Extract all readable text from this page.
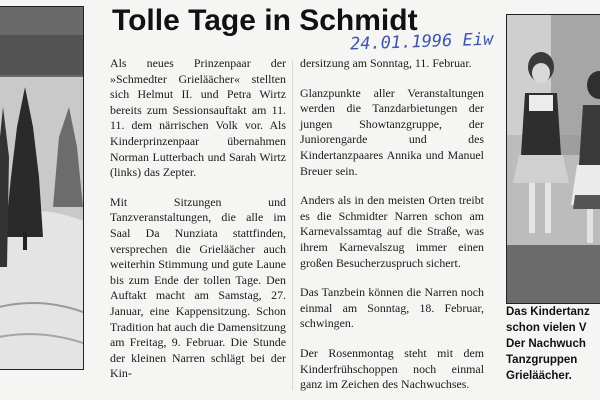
Tolle Tage in Schmidt
24.01.1996 Eiw

Als neues Prinzenpaar der »Schmedter Grieläächer« stellten sich Helmut II. und Petra Wirtz bereits zum Sessionsauftakt am 11. 11. dem närrischen Volk vor. Als Kinderprinzenpaar übernahmen Norman Lutterbach und Sarah Wirtz (links) das Zepter.

Mit Sitzungen und Tanzveranstaltungen, die alle im Saal Da Nunziata stattfinden, versprechen die Grieläächer auch weiterhin Stimmung und gute Laune bis zum Ende der tollen Tage. Den Auftakt macht am Samstag, 27. Januar, eine Kappensitzung. Schon Tradition hat auch die Damensitzung am Freitag, 9. Februar. Die Stunde der kleinen Narren schlägt bei der Kin-

dersitzung am Sonntag, 11. Februar.

Glanzpunkte aller Veranstaltungen werden die Tanzdarbietungen der jungen Showtanzgruppe, der Juniorengarde und des Kindertanzpaares Annika und Manuel Breuer sein.

Anders als in den meisten Orten treibt es die Schmidter Narren schon am Karnevalssamtag auf die Straße, was ihrem Karnevalszug immer einen großen Besucherzuspruch sichert.

Das Tanzbein können die Narren noch einmal am Sonntag, 18. Februar, schwingen.

Der Rosenmontag steht mit dem Kinderfrühschoppen noch einmal ganz im Zeichen des Nachwuchses.

Das Kindertanz
schon vielen V
Der Nachwuch
Tanzgruppen
Grieläächer.
